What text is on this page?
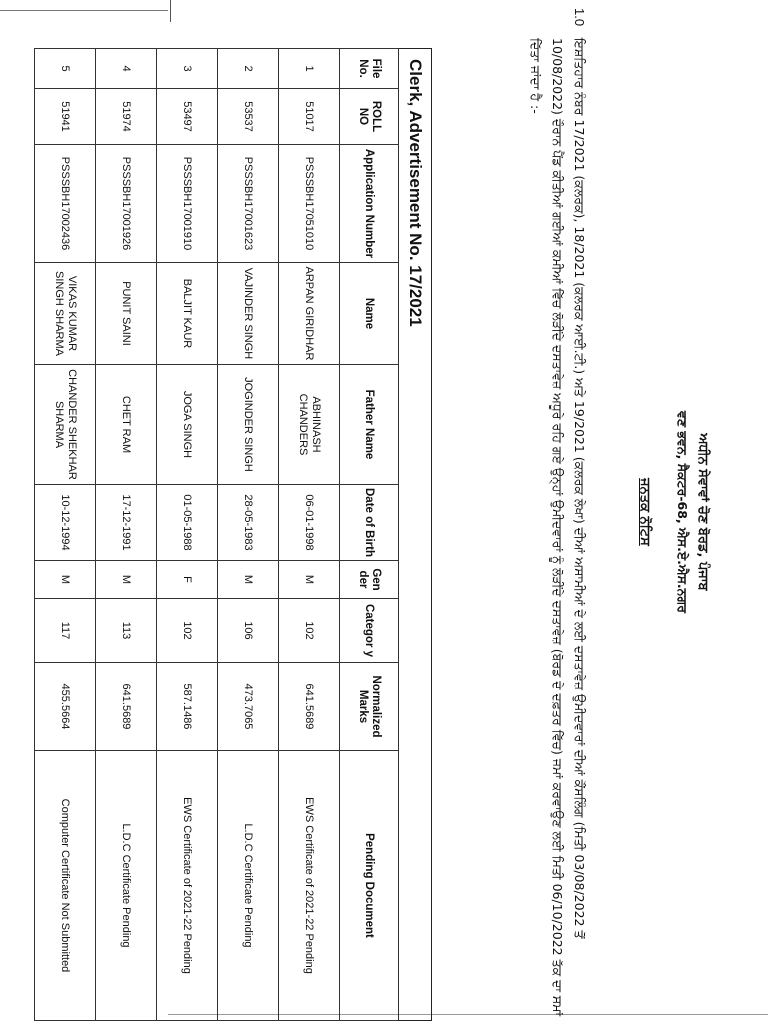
ਅਧੀਨ ਸੇਵਾਵਾਂ ਚੋਣ ਬੋਰਡ, ਪੰਜਾਬ
ਵਣ ਭਵਨ, ਸੈਕਟਰ-68, ਐਸ.ਏ.ਐਸ.ਨਗਰ
ਜਨਤਕ ਨੋਟਿਸ
1.0
ਇਸ਼ਤਿਹਾਰ ਨੰਬਰ 17/2021 (ਕਲਰਕ), 18/2021 (ਕਲਰਕ ਆਈ.ਟੀ.) ਅਤੇ 19/2021 (ਕਲਰਕ ਲੇਖਾ) ਦੀਆਂ ਅਸਾਮੀਆਂ ਦੇ ਲਈ ਦਸਤਾਵੇਜ਼ ਉਮੀਦਵਾਰਾਂ ਦੀਆਂ ਕੌਂਸਲਿੰਗ (ਮਿਤੀ 03/08/2022 ਤੋਂ 10/08/2022) ਦੌਰਾਨ ਪੈਂਡ ਕੀਤੀਆਂ ਗਈਆਂ ਕਮੀਆਂ ਵਿੱਚ ਲੋੜੀਂਦੇ ਦਸਤਾਵੇਜ਼ ਅਧੂਰੇ ਰਹਿ ਗਏ ਉਨ੍ਹਾਂ ਉਮੀਦਵਾਰਾਂ ਨੂੰ ਲੋੜੀਂਦੇ ਦਸਤਾਵੇਜ਼ (ਬੋਰਡ ਦੇ ਦਫ਼ਤਰ ਵਿੱਚ) ਜਮਾਂ ਕਰਵਾਉਣ ਲਈ ਮਿਤੀ 06/10/2022 ਤੱਕ ਦਾ ਸਮਾਂ ਦਿੱਤਾ ਜਾਂਦਾ ਹੈ :-
Clerk, Advertisement No. 17/2021
File No.	ROLL NO	Application Number	Name	Father Name	Date of Birth	Gen der	Categor y	Normalized Marks	Pending Document
1	51017	PSSSBH17051010	ARPAN GIRIDHAR	ABHINASH CHANDERS	06-01-1998	M	102	641.5689	EWS Certificate of 2021-22 Pending
2	53537	PSSSBH17001623	VAJINDER SINGH	JOGINDER SINGH	28-05-1983	M	106	473.7065	L.D.C Certificate Pending
3	53497	PSSSBH17001910	BALJIT KAUR	JOGA SINGH	01-05-1988	F	102	587.1486	EWS Certificate of 2021-22 Pending
4	51974	PSSSBH17001926	PUNIT SAINI	CHET RAM	17-12-1991	M	113	641.5689	L.D.C Certificate Pending
5	51941	PSSSBH17002436	VIKAS KUMAR SINGH SHARMA	CHANDER SHEKHAR SHARMA	10-12-1994	M	117	455.5664	Computer Certificate Not Submitted
